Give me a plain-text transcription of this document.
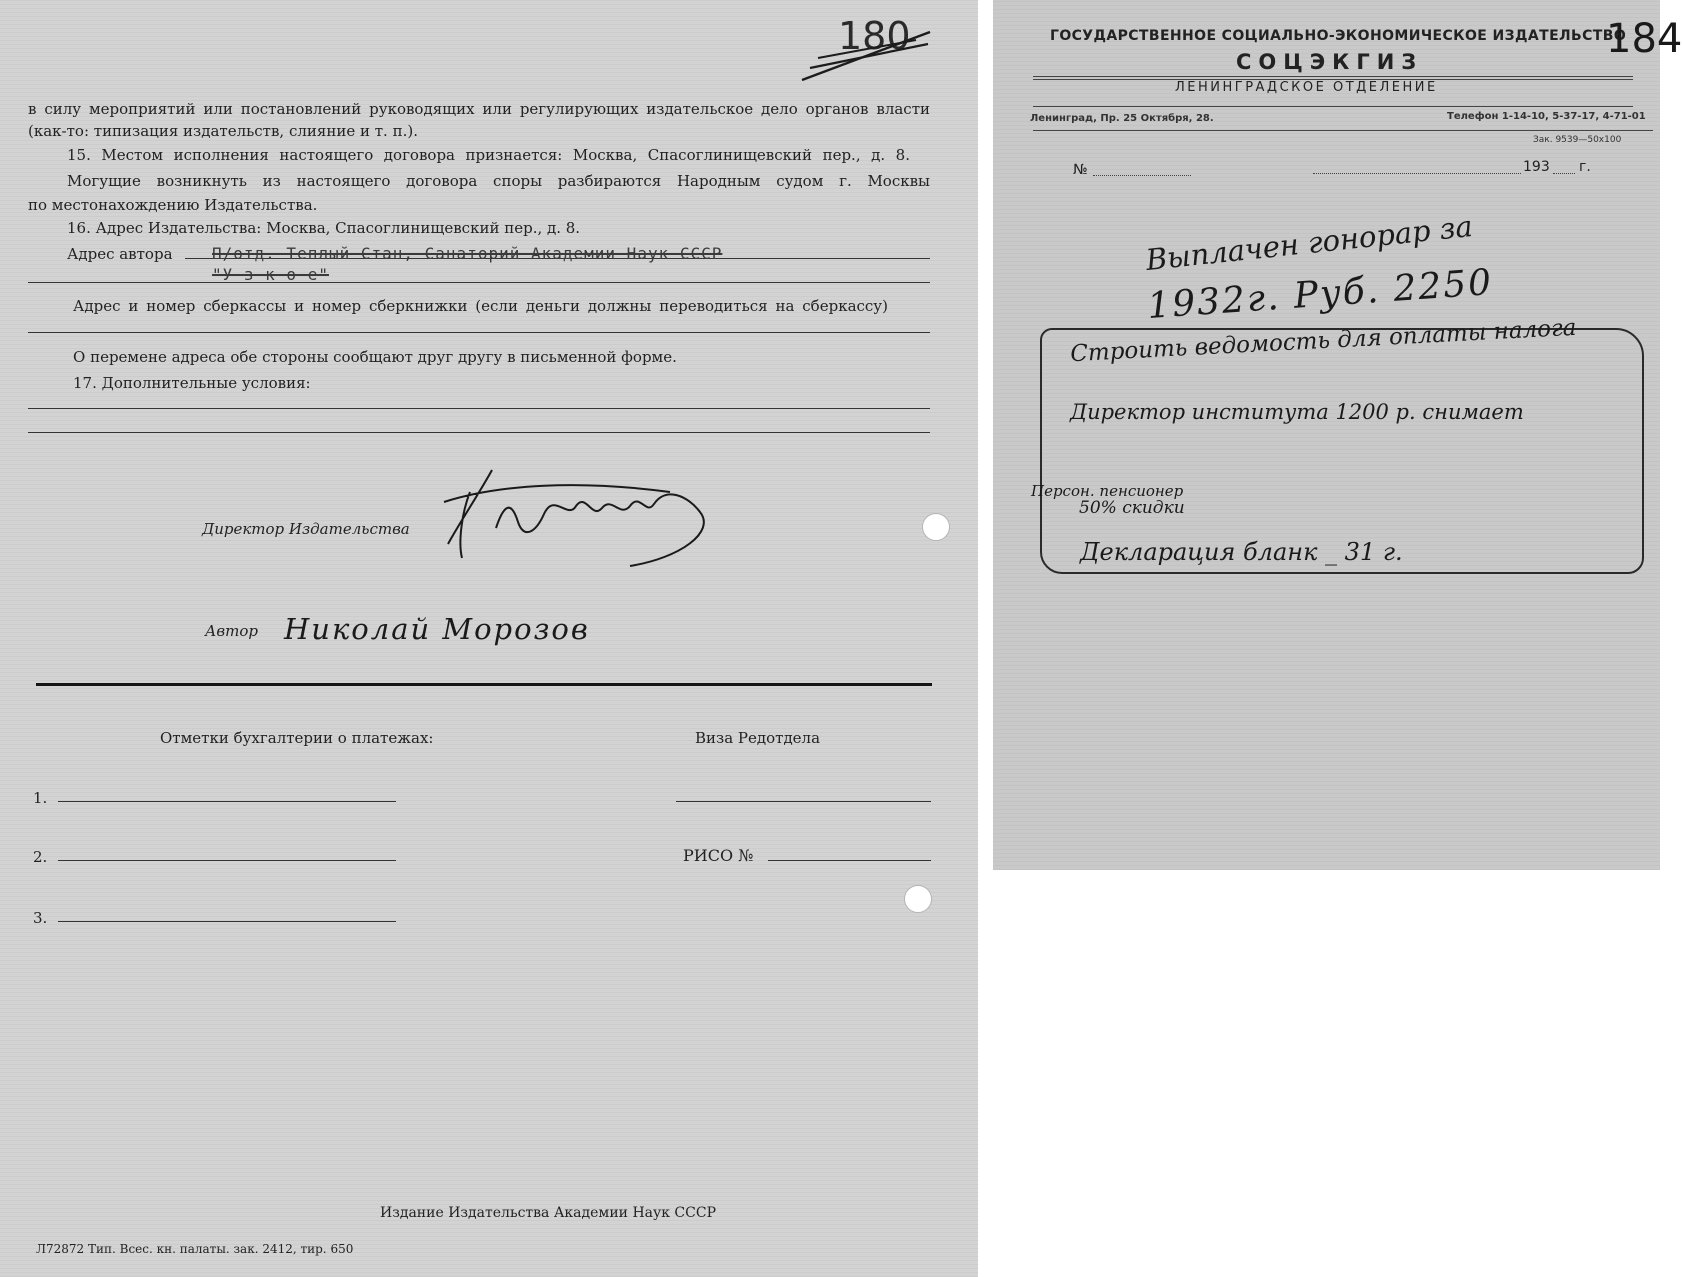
180
в силу мероприятий или постановлений руководящих или регулирующих издательское дело органов власти
(как-то: типизация издательств, слияние и т. п.).
15. Местом исполнения настоящего договора признается: Москва, Спасоглинищевский пер., д. 8.
Могущие возникнуть из настоящего договора споры разбираются Народным судом г. Москвы
по местонахождению Издательства.
16. Адрес Издательства: Москва, Спасоглинищевский пер., д. 8.
Адрес автора П/отд. Теплый Стан, Санаторий Академии Наук СССР
"У з к о е"
Адрес и номер сберкассы и номер сберкнижки (если деньги должны переводиться на сберкассу)
О перемене адреса обе стороны сообщают друг другу в письменной форме.
17. Дополнительные условия:
Директор Издательства
Автор Николай Морозов
Отметки бухгалтерии о платежах:	Виза Редотдела
1.
2.	РИСО №
3.
Издание Издательства Академии Наук СССР
Л72872 Тип. Всес. кн. палаты. зак. 2412, тир. 650
ГОСУДАРСТВЕННОЕ СОЦИАЛЬНО-ЭКОНОМИЧЕСКОЕ ИЗДАТЕЛЬСТВО
СОЦЭКГИЗ
ЛЕНИНГРАДСКОЕ ОТДЕЛЕНИЕ
Ленинград, Пр. 25 Октября, 28.	Телефон 1-14-10, 5-37-17, 4-71-01
Зак. 9539—50х100
№	193 г.
184
Выплачен гонорар за
1932г. Руб. 2250
Строить ведомость для оплаты налога
Директор института 1200 р. снимает
Персон. пенсионер
50% скидки
Декларация бланк _ 31 г.
